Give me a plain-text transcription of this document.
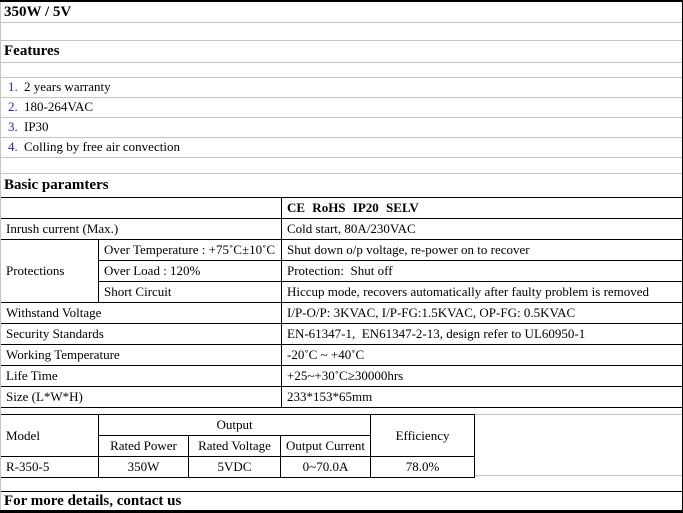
350W / 5V
Features
1. 2 years warranty
2. 180-264VAC
3. IP30
4. Colling by free air convection
Basic paramters
		CE RoHS IP20 SELV
Inrush current (Max.)		Cold start, 80A/230VAC
Protections	Over Temperature : +75˚C±10˚C	Shut down o/p voltage, re-power on to recover
	Over Load : 120%	Protection:  Shut off
	Short Circuit	Hiccup mode, recovers automatically after faulty problem is removed
Withstand Voltage		I/P-O/P: 3KVAC, I/P-FG:1.5KVAC, OP-FG: 0.5KVAC
Security Standards		EN-61347-1,  EN61347-2-13, design refer to UL60950-1
Working Temperature		-20˚C ~ +40˚C
Life Time		+25~+30˚C≥30000hrs
Size (L*W*H)		233*153*65mm
Model	Output			Efficiency
	Rated Power	Rated Voltage	Output Current	
R-350-5	350W	5VDC	0~70.0A	78.0%
For more details, contact us
